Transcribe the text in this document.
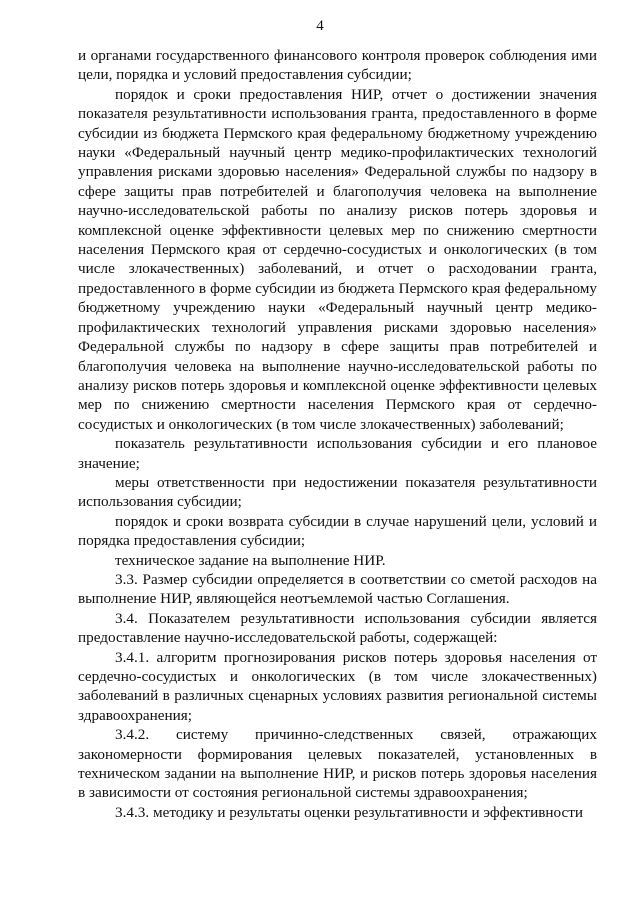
4

и органами государственного финансового контроля проверок соблюдения ими цели, порядка и условий предоставления субсидии;

порядок и сроки предоставления НИР, отчет о достижении значения показателя результативности использования гранта, предоставленного в форме субсидии из бюджета Пермского края федеральному бюджетному учреждению науки «Федеральный научный центр медико-профилактических технологий управления рисками здоровью населения» Федеральной службы по надзору в сфере защиты прав потребителей и благополучия человека на выполнение научно-исследовательской работы по анализу рисков потерь здоровья и комплексной оценке эффективности целевых мер по снижению смертности населения Пермского края от сердечно-сосудистых и онкологических (в том числе злокачественных) заболеваний, и отчет о расходовании гранта, предоставленного в форме субсидии из бюджета Пермского края федеральному бюджетному учреждению науки «Федеральный научный центр медико-профилактических технологий управления рисками здоровью населения» Федеральной службы по надзору в сфере защиты прав потребителей и благополучия человека на выполнение научно-исследовательской работы по анализу рисков потерь здоровья и комплексной оценке эффективности целевых мер по снижению смертности населения Пермского края от сердечно-сосудистых и онкологических (в том числе злокачественных) заболеваний;

показатель результативности использования субсидии и его плановое значение;

меры ответственности при недостижении показателя результативности использования субсидии;

порядок и сроки возврата субсидии в случае нарушений цели, условий и порядка предоставления субсидии;

техническое задание на выполнение НИР.

3.3. Размер субсидии определяется в соответствии со сметой расходов на выполнение НИР, являющейся неотъемлемой частью Соглашения.

3.4. Показателем результативности использования субсидии является предоставление научно-исследовательской работы, содержащей:

3.4.1. алгоритм прогнозирования рисков потерь здоровья населения от сердечно-сосудистых и онкологических (в том числе злокачественных) заболеваний в различных сценарных условиях развития региональной системы здравоохранения;

3.4.2. систему причинно-следственных связей, отражающих закономерности формирования целевых показателей, установленных в техническом задании на выполнение НИР, и рисков потерь здоровья населения в зависимости от состояния региональной системы здравоохранения;

3.4.3. методику и результаты оценки результативности и эффективности
